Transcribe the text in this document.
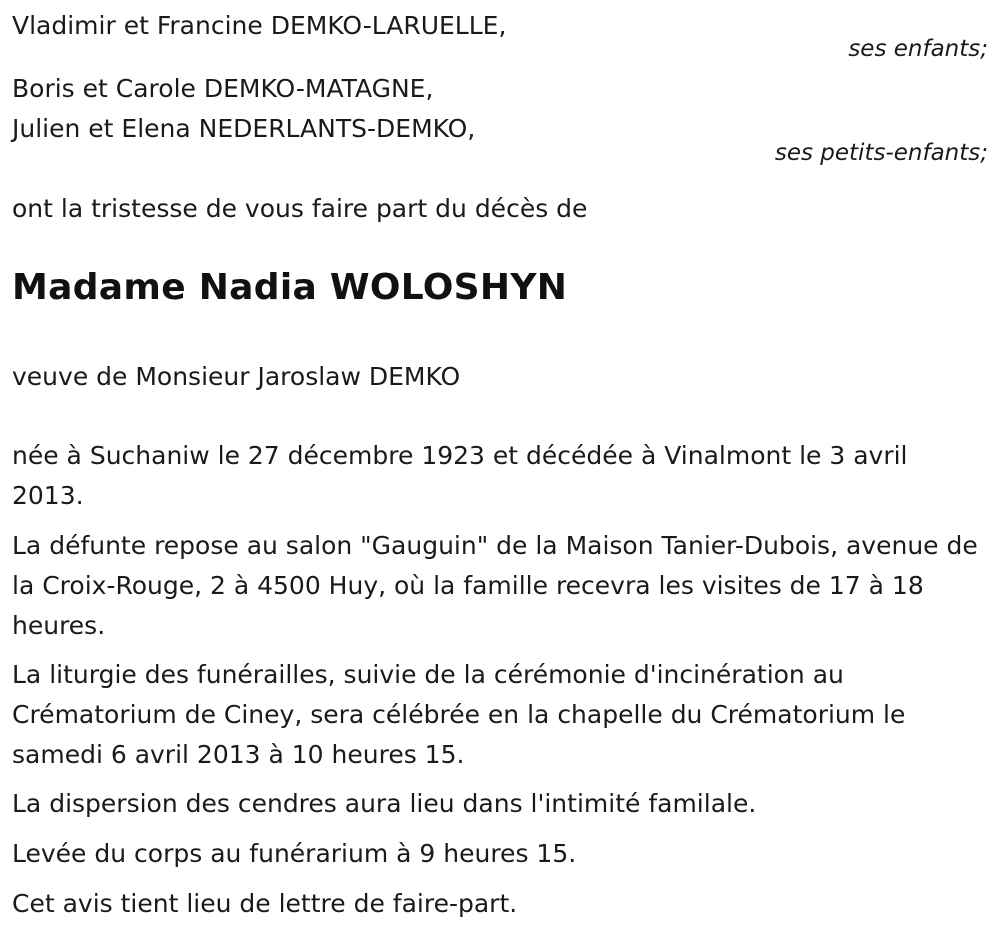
Vladimir et Francine DEMKO-LARUELLE,
ses enfants;
Boris et Carole DEMKO-MATAGNE,
Julien et Elena NEDERLANTS-DEMKO,
ses petits-enfants;
ont la tristesse de vous faire part du décès de
Madame Nadia WOLOSHYN
veuve de Monsieur Jaroslaw DEMKO

née à Suchaniw le 27 décembre 1923 et décédée à Vinalmont le 3 avril 2013.

La défunte repose au salon "Gauguin" de la Maison Tanier-Dubois, avenue de la Croix-Rouge, 2 à 4500 Huy, où la famille recevra les visites de 17 à 18 heures.

La liturgie des funérailles, suivie de la cérémonie d'incinération au Crématorium de Ciney, sera célébrée en la chapelle du Crématorium le samedi 6 avril 2013 à 10 heures 15.

La dispersion des cendres aura lieu dans l'intimité familale.

Levée du corps au funérarium à 9 heures 15.

Cet avis tient lieu de lettre de faire-part.
